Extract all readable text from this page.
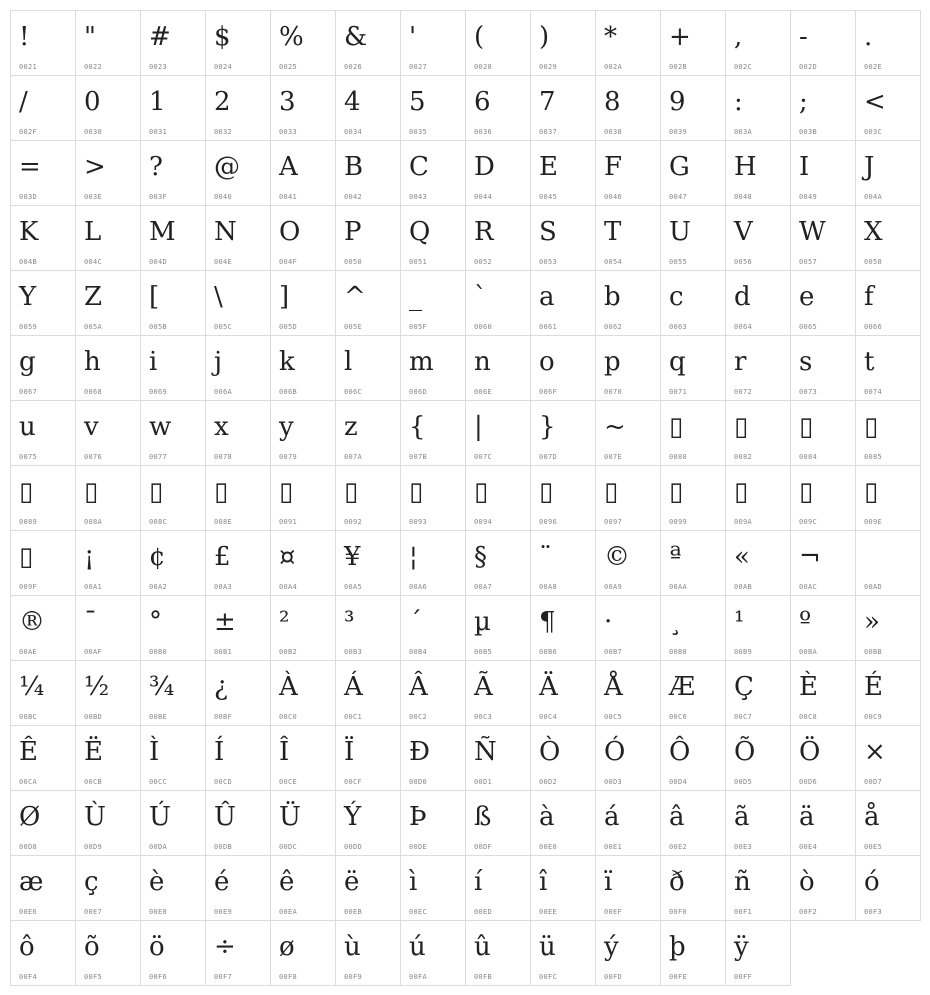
!
0021
"
0022
#
0023
$
0024
%
0025
&
0026
'
0027
(
0028
)
0029
*
002A
+
002B
,
002C
-
002D
.
002E
/
002F
0
0030
1
0031
2
0032
3
0033
4
0034
5
0035
6
0036
7
0037
8
0038
9
0039
:
003A
;
003B
<
003C
=
003D
>
003E
?
003F
@
0040
A
0041
B
0042
C
0043
D
0044
E
0045
F
0046
G
0047
H
0048
I
0049
J
004A
K
004B
L
004C
M
004D
N
004E
O
004F
P
0050
Q
0051
R
0052
S
0053
T
0054
U
0055
V
0056
W
0057
X
0058
Y
0059
Z
005A
[
005B
\
005C
]
005D
^
005E
_
005F
`
0060
a
0061
b
0062
c
0063
d
0064
e
0065
f
0066
g
0067
h
0068
i
0069
j
006A
k
006B
l
006C
m
006D
n
006E
o
006F
p
0070
q
0071
r
0072
s
0073
t
0074
u
0075
v
0076
w
0077
x
0078
y
0079
z
007A
{
007B
|
007C
}
007D
~
007E
▯
0080
▯
0082
▯
0084
▯
0085
▯
0089
▯
008A
▯
008C
▯
008E
▯
0091
▯
0092
▯
0093
▯
0094
▯
0096
▯
0097
▯
0099
▯
009A
▯
009C
▯
009E
▯
009F
¡
00A1
¢
00A2
£
00A3
¤
00A4
¥
00A5
¦
00A6
§
00A7
¨
00A8
©
00A9
ª
00AA
«
00AB
¬
00AC	00AD
®
00AE
¯
00AF
°
00B0
±
00B1
²
00B2
³
00B3
´
00B4
µ
00B5
¶
00B6
·
00B7
¸
00B8
¹
00B9
º
00BA
»
00BB
¼
00BC
½
00BD
¾
00BE
¿
00BF
À
00C0
Á
00C1
Â
00C2
Ã
00C3
Ä
00C4
Å
00C5
Æ
00C6
Ç
00C7
È
00C8
É
00C9
Ê
00CA
Ë
00CB
Ì
00CC
Í
00CD
Î
00CE
Ï
00CF
Ð
00D0
Ñ
00D1
Ò
00D2
Ó
00D3
Ô
00D4
Õ
00D5
Ö
00D6
×
00D7
Ø
00D8
Ù
00D9
Ú
00DA
Û
00DB
Ü
00DC
Ý
00DD
Þ
00DE
ß
00DF
à
00E0
á
00E1
â
00E2
ã
00E3
ä
00E4
å
00E5
æ
00E6
ç
00E7
è
00E8
é
00E9
ê
00EA
ë
00EB
ì
00EC
í
00ED
î
00EE
ï
00EF
ð
00F0
ñ
00F1
ò
00F2
ó
00F3
ô
00F4
õ
00F5
ö
00F6
÷
00F7
ø
00F8
ù
00F9
ú
00FA
û
00FB
ü
00FC
ý
00FD
þ
00FE
ÿ
00FF
